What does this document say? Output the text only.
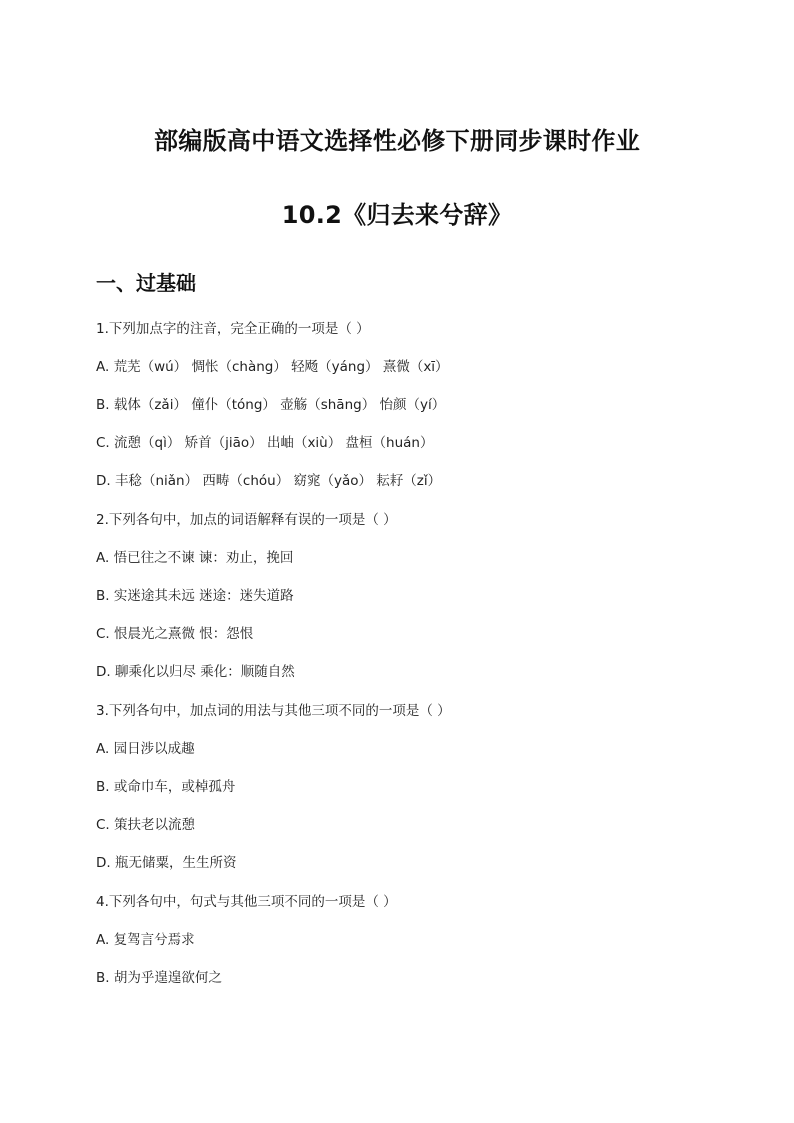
部编版高中语文选择性必修下册同步课时作业
10.2《归去来兮辞》
一、过基础
1.下列加点字的注音，完全正确的一项是（ ）
A. 荒芜（wú） 惆怅（chàng） 轻飏（yáng） 熹微（xī）
B. 载体（zǎi） 僮仆（tóng） 壶觞（shāng） 怡颜（yí）
C. 流憩（qì） 矫首（jiāo） 出岫（xiù） 盘桓（huán）
D. 丰稔（niǎn） 西畴（chóu） 窈窕（yǎo） 耘耔（zǐ）
2.下列各句中，加点的词语解释有误的一项是（ ）
A. 悟已往之不谏 谏：劝止，挽回
B. 实迷途其未远 迷途：迷失道路
C. 恨晨光之熹微 恨：怨恨
D. 聊乘化以归尽 乘化：顺随自然
3.下列各句中，加点词的用法与其他三项不同的一项是（ ）
A. 园日涉以成趣
B. 或命巾车，或棹孤舟
C. 策扶老以流憩
D. 瓶无储粟，生生所资
4.下列各句中，句式与其他三项不同的一项是（ ）
A. 复驾言兮焉求
B. 胡为乎遑遑欲何之
